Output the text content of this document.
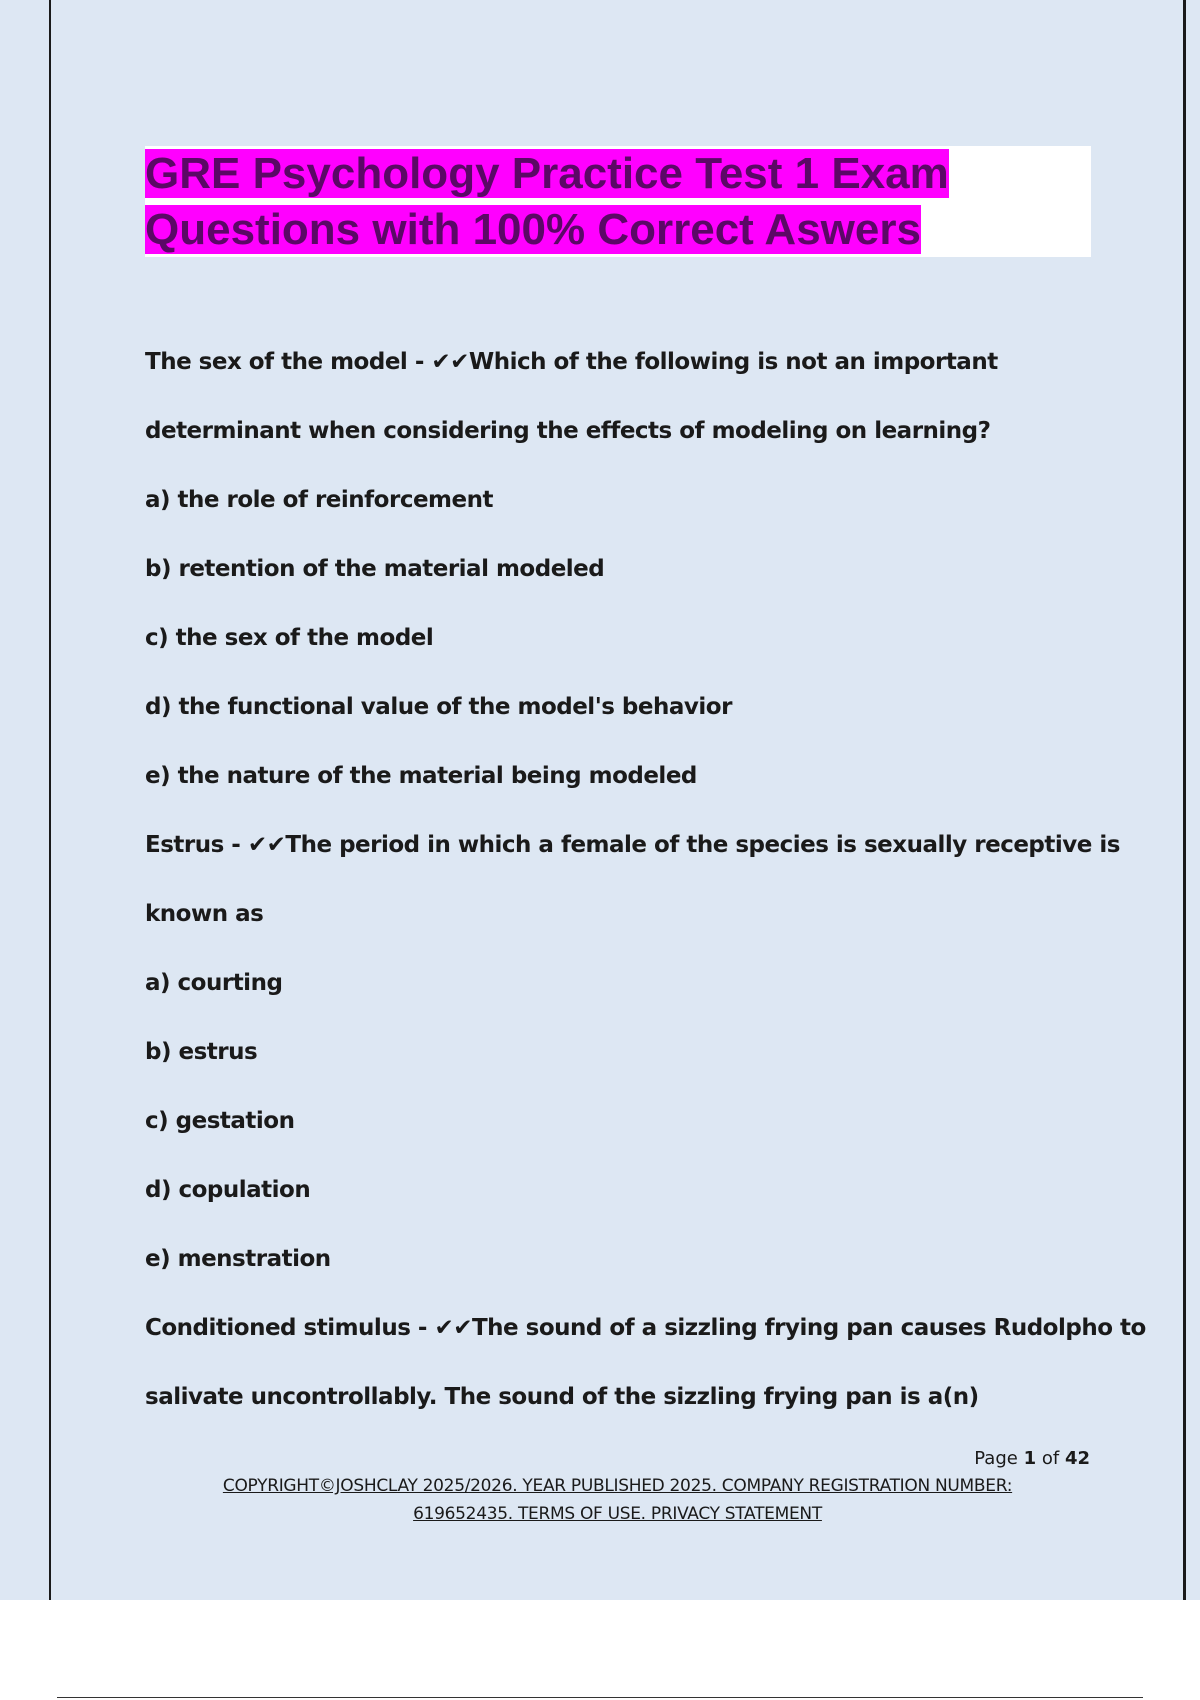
GRE Psychology Practice Test 1 Exam
Questions with 100% Correct Aswers
The sex of the model - ✔✔Which of the following is not an important
determinant when considering the effects of modeling on learning?
a) the role of reinforcement
b) retention of the material modeled
c) the sex of the model
d) the functional value of the model's behavior
e) the nature of the material being modeled
Estrus - ✔✔The period in which a female of the species is sexually receptive is
known as
a) courting
b) estrus
c) gestation
d) copulation
e) menstration
Conditioned stimulus - ✔✔The sound of a sizzling frying pan causes Rudolpho to
salivate uncontrollably. The sound of the sizzling frying pan is a(n)
Page 1 of 42
COPYRIGHT©JOSHCLAY 2025/2026. YEAR PUBLISHED 2025. COMPANY REGISTRATION NUMBER:
619652435. TERMS OF USE. PRIVACY STATEMENT
